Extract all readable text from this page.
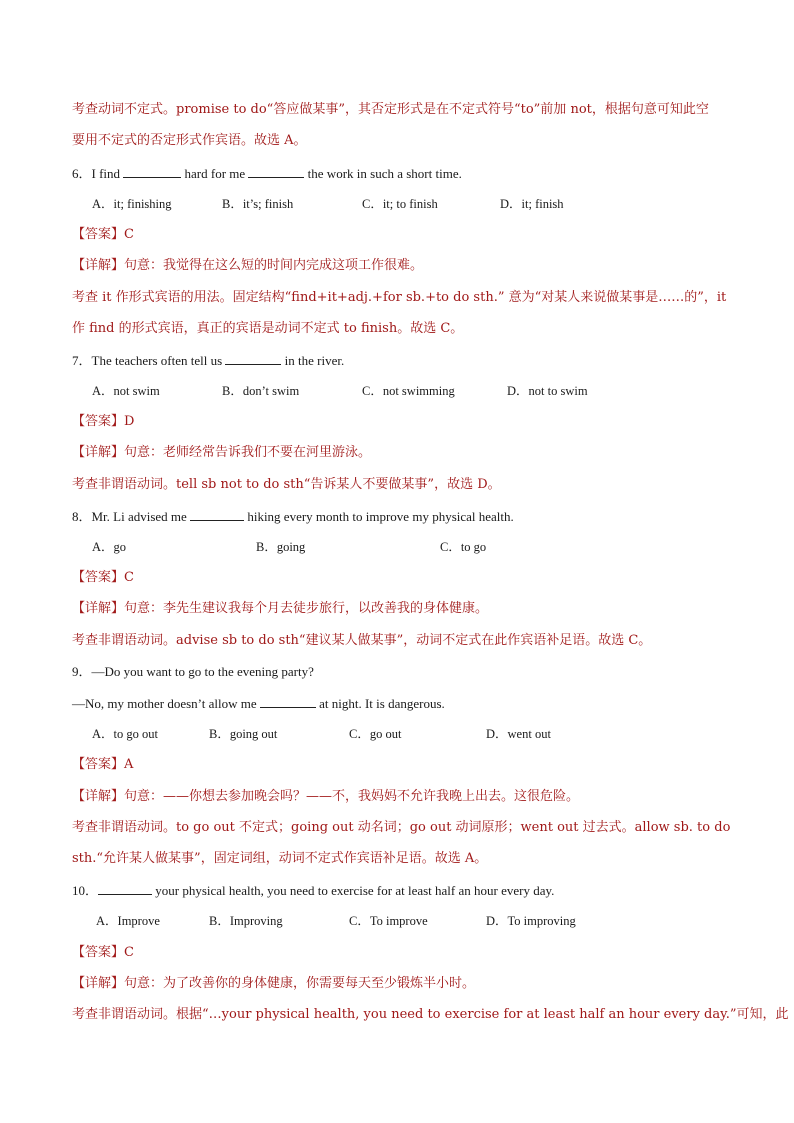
考查动词不定式。promise to do“答应做某事”，其否定形式是在不定式符号“to”前加 not，根据句意可知此空
要用不定式的否定形式作宾语。故选 A。
6．I find	hard for me	the work in such a short time.
A．it; finishing	B．it’s; finish	C．it; to finish	D．it; finish
【答案】C
【详解】句意：我觉得在这么短的时间内完成这项工作很难。
考查 it 作形式宾语的用法。固定结构“find+it+adj.+for sb.+to do sth.” 意为“对某人来说做某事是……的”，it
作 find 的形式宾语，真正的宾语是动词不定式 to finish。故选 C。
7．The teachers often tell us	in the river.
A．not swim	B．don’t swim	C．not swimming	D．not to swim
【答案】D
【详解】句意：老师经常告诉我们不要在河里游泳。
考查非谓语动词。tell sb not to do sth“告诉某人不要做某事”，故选 D。
8．Mr. Li advised me	hiking every month to improve my physical health.
A．go	B．going	C．to go
【答案】C
【详解】句意：李先生建议我每个月去徒步旅行，以改善我的身体健康。
考查非谓语动词。advise sb to do sth“建议某人做某事”，动词不定式在此作宾语补足语。故选 C。
9．—Do you want to go to the evening party?
—No, my mother doesn’t allow me	at night. It is dangerous.
A．to go out	B．going out	C．go out	D．went out
【答案】A
【详解】句意：——你想去参加晚会吗？——不，我妈妈不允许我晚上出去。这很危险。
考查非谓语动词。to go out 不定式；going out 动名词；go out 动词原形；went out 过去式。allow sb. to do
sth.“允许某人做某事”，固定词组，动词不定式作宾语补足语。故选 A。
10．	your physical health, you need to exercise for at least half an hour every day.
A．Improve	B．Improving	C．To improve	D．To improving
【答案】C
【详解】句意：为了改善你的身体健康，你需要每天至少锻炼半小时。
考查非谓语动词。根据“…your physical health, you need to exercise for at least half an hour every day.”可知，此
